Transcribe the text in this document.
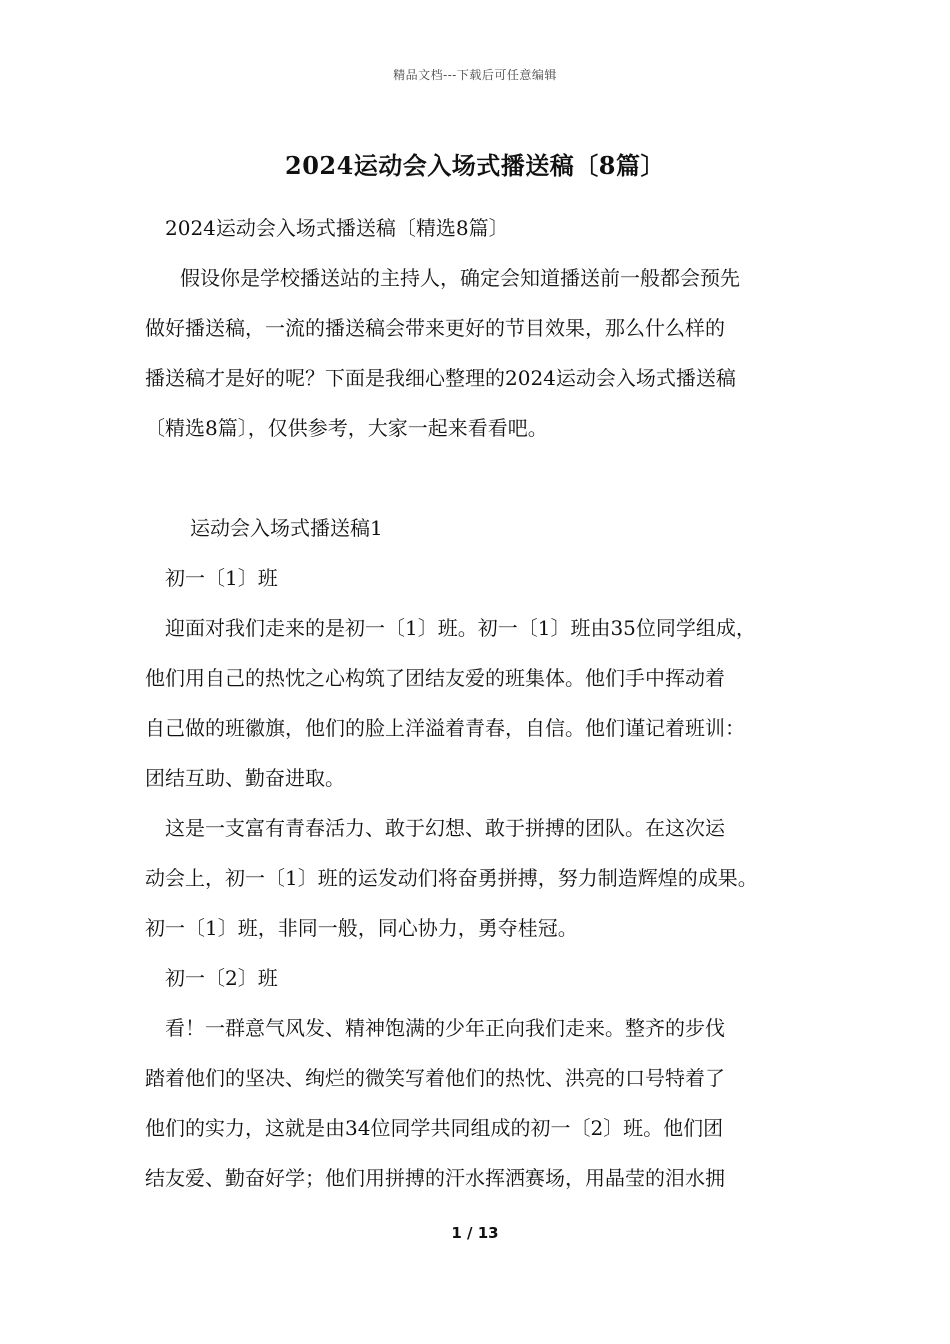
精品文档---下载后可任意编辑
2024运动会入场式播送稿〔8篇〕

2024运动会入场式播送稿〔精选8篇〕

假设你是学校播送站的主持人，确定会知道播送前一般都会预先

做好播送稿，一流的播送稿会带来更好的节目效果，那么什么样的

播送稿才是好的呢？下面是我细心整理的2024运动会入场式播送稿

〔精选8篇〕，仅供参考，大家一起来看看吧。

运动会入场式播送稿1

初一〔1〕班

迎面对我们走来的是初一〔1〕班。初一〔1〕班由35位同学组成，

他们用自己的热忱之心构筑了团结友爱的班集体。他们手中挥动着

自己做的班徽旗，他们的脸上洋溢着青春，自信。他们谨记着班训：

团结互助、勤奋进取。

这是一支富有青春活力、敢于幻想、敢于拼搏的团队。在这次运

动会上，初一〔1〕班的运发动们将奋勇拼搏，努力制造辉煌的成果。

初一〔1〕班，非同一般，同心协力，勇夺桂冠。

初一〔2〕班

看！一群意气风发、精神饱满的少年正向我们走来。整齐的步伐

踏着他们的坚决、绚烂的微笑写着他们的热忱、洪亮的口号特着了

他们的实力，这就是由34位同学共同组成的初一〔2〕班。他们团

结友爱、勤奋好学；他们用拼搏的汗水挥洒赛场，用晶莹的泪水拥

1 / 13
